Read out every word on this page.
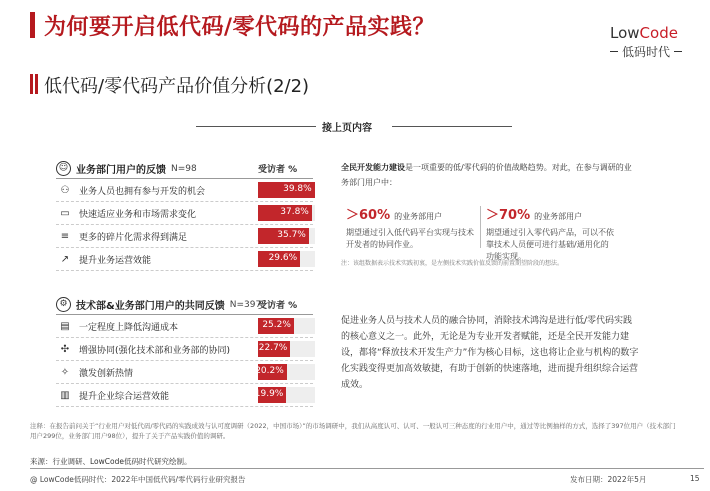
为何要开启低代码/零代码的产品实践？
低代码/零代码产品价值分析(2/2)
LowCode
低码时代
接上页内容
☺ 业务部门用户的反馈 N=98	受访者 %
⚇ 业务人员也拥有参与开发的机会	39.8%
▭ 快速适应业务和市场需求变化	37.8%
≡	更多的碎片化需求得到满足	35.7%
↗	提升业务运营效能	29.6%
⚙ 技术部&业务部门用户的共同反馈 N=397
受访者 %
▤ 一定程度上降低沟通成本	25.2%
✣	增强协同(强化技术部和业务部的协同)	22.7%
✧	激发创新热情	20.2%
▥ 提升企业综合运营效能	19.9%
全民开发能力建设是一项重要的低/零代码的价值战略趋势。对此，在参与调研的业务部门用户中：
＞60% 的业务部用户
期望通过引入低代码平台实现与技术开发者的协同作业。
＞70% 的业务部用户
期望通过引入零代码产品，可以不依靠技术人员便可进行基础/通用化的功能实现。
注：该组数据表示技术实践初衷，是左侧技术实践价值反馈的前置期望阶段的想法。
促进业务人员与技术人员的融合协同，消除技术鸿沟是进行低/零代码实践的核心意义之一。此外，无论是为专业开发者赋能，还是全民开发能力建设，都将“释放技术开发生产力”作为核心目标，这也将让企业与机构的数字化实践变得更加高效敏捷，有助于创新的快速落地，进而提升组织综合运营成效。
注释：在报告前问关于“行业用户对低代码/零代码的实践成效与认可度调研（2022，中国市场）”的市场调研中，我们从高度认可、认可、一般认可三种态度的行业用户中，通过等比例抽样的方式，选择了397位用户（技术部门用户299位，业务部门用户98位），提升了关于产品实践价值的调研。
来源：行业调研、LowCode低码时代研究绘制。
@ LowCode低码时代：2022年中国低代码/零代码行业研究报告	发布日期：2022年5月	15
